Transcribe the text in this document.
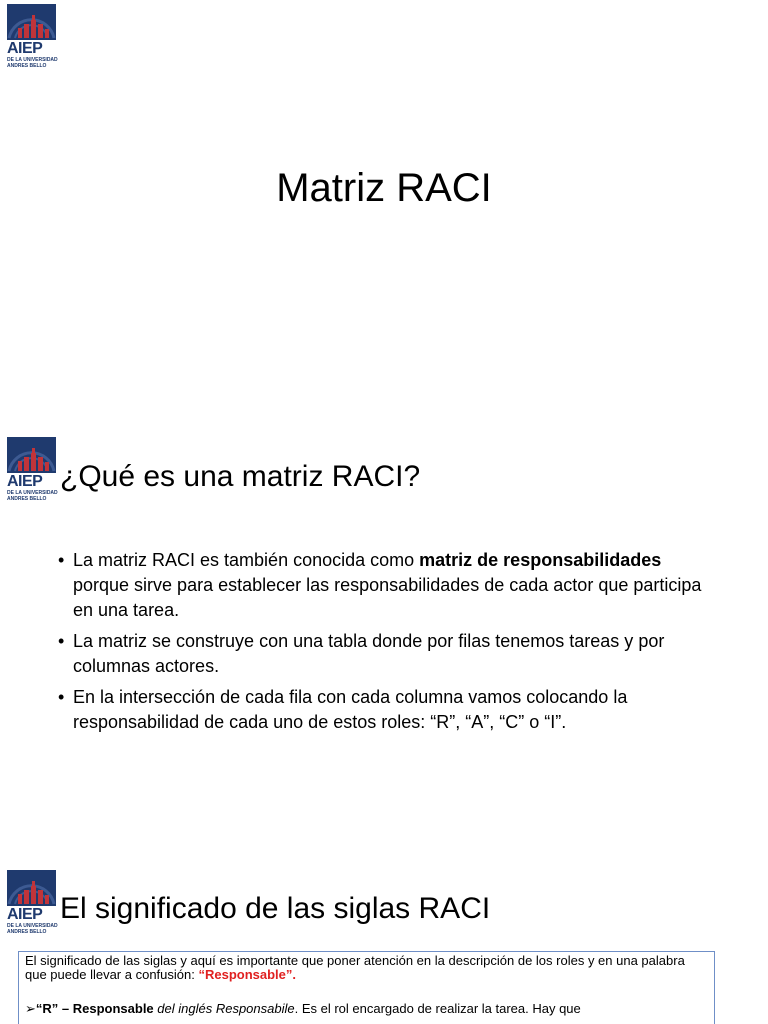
AIEP
DE LA UNIVERSIDAD
ANDRES BELLO
Matriz RACI
AIEP
DE LA UNIVERSIDAD
ANDRES BELLO
¿Qué es una matriz RACI?
• La matriz RACI es también conocida como matriz de responsabilidades porque sirve para establecer las responsabilidades de cada actor que participa en una tarea.
• La matriz se construye con una tabla donde por filas tenemos tareas y por columnas actores.
• En la intersección de cada fila con cada columna vamos colocando la responsabilidad de cada uno de estos roles: “R”, “A”, “C” o “I”.
AIEP
DE LA UNIVERSIDAD
ANDRES BELLO
El significado de las siglas RACI
El significado de las siglas y aquí es importante que poner atención en la descripción de los roles y en una palabra que puede llevar a confusión: “Responsable”.
➢“R” – Responsable del inglés Responsabile. Es el rol encargado de realizar la tarea. Hay que
